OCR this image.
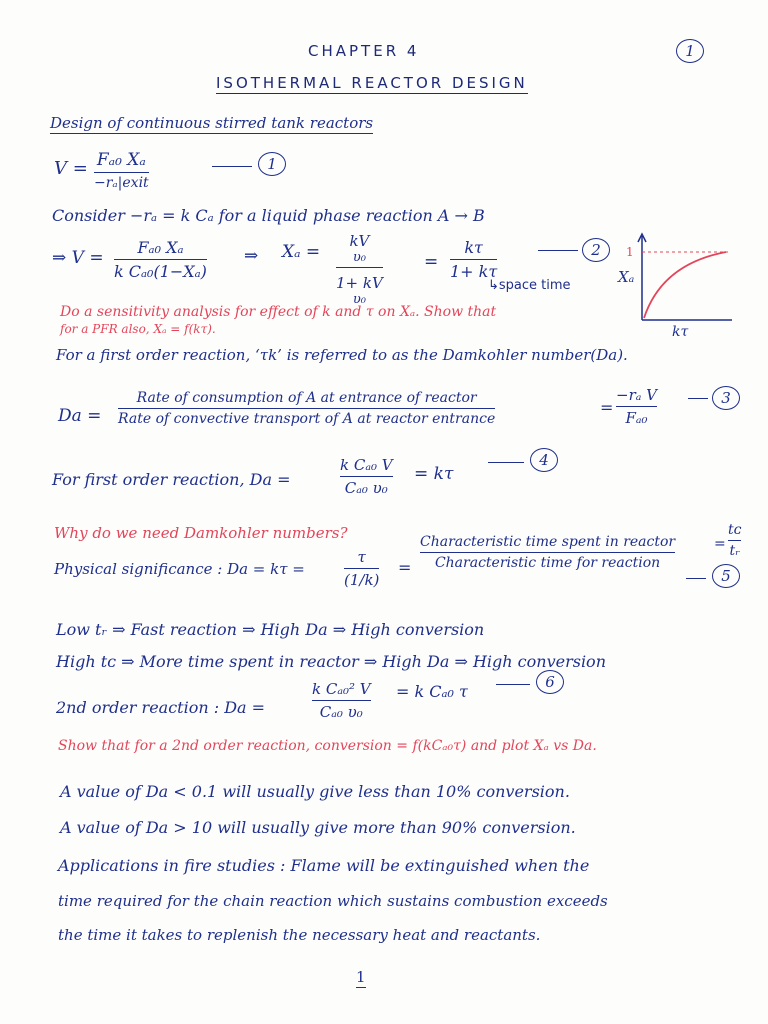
CHAPTER 4	1
ISOTHERMAL REACTOR DESIGN
Design of continuous stirred tank reactors
V = Fₐ₀ Xₐ
−rₐ|exit
1
Consider −rₐ = k Cₐ for a liquid phase reaction A → B
⇒ $V = \frac{\text{Fₐ₀ Xₐ}}{\text{k Cₐ₀(1−Xₐ)}}$ ⇒ Xₐ =
kV
υ₀
1+ kV
υ₀
= $\frac{k\tau}{1+ k\tau}$	2
↳space time
1
Xₐ
kτ
Do a sensitivity analysis for effect of k and τ on Xₐ. Show that
for a PFR also, Xₐ = f(kτ).
For a first order reaction, ‘τk’ is referred to as the Damkohler number(Da).
Da =
Rate of consumption of A at entrance of reactor
Rate of convective transport of A at reactor entrance
= $\frac{\text{−rₐ V}}{\text{Fₐ₀}}$	3
For first order reaction, Da =	$\frac{\text{k Cₐ₀ V}}{\text{Cₐ₀ υ₀}} = k\tau$
4
Why do we need Damkohler numbers?
Physical significance : Da = kτ =	$\frac{\tau}{(1/k)}$ =
Characteristic time spent in reactor
Characteristic time for reaction
= $\frac{\text{tᴄ}}{\text{tᵣ}}$
5
Low tᵣ ⇒ Fast reaction ⇒ High Da ⇒ High conversion
High tᴄ ⇒ More time spent in reactor ⇒ High Da ⇒ High conversion
2nd order reaction : Da =	$\frac{\text{k Cₐ₀² V}}{\text{Cₐ₀ υ₀}} = k$ Cₐ₀ τ	6
Show that for a 2nd order reaction, conversion = f(kCₐ₀τ) and plot Xₐ vs Da.
A value of Da < 0.1 will usually give less than 10% conversion.
A value of Da > 10 will usually give more than 90% conversion.
Applications in fire studies : Flame will be extinguished when the
time required for the chain reaction which sustains combustion exceeds
the time it takes to replenish the necessary heat and reactants.
1
